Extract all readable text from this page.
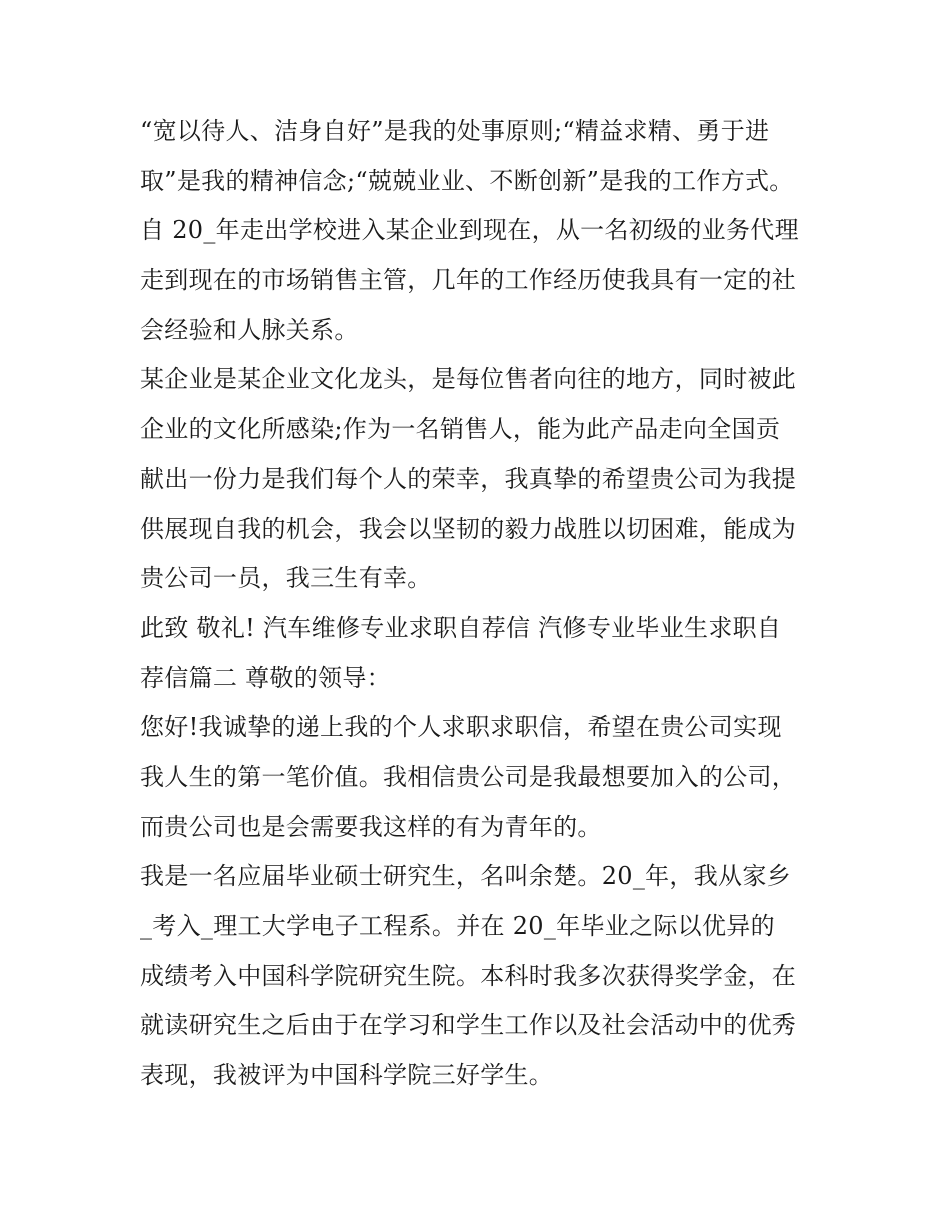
“宽以待人、洁身自好”是我的处事原则;“精益求精、勇于进
取”是我的精神信念;“兢兢业业、不断创新”是我的工作方式。
自 20_年走出学校进入某企业到现在，从一名初级的业务代理
走到现在的市场销售主管，几年的工作经历使我具有一定的社
会经验和人脉关系。
某企业是某企业文化龙头，是每位售者向往的地方，同时被此
企业的文化所感染;作为一名销售人，能为此产品走向全国贡
献出一份力是我们每个人的荣幸，我真挚的希望贵公司为我提
供展现自我的机会，我会以坚韧的毅力战胜以切困难，能成为
贵公司一员，我三生有幸。
此致 敬礼! 汽车维修专业求职自荐信 汽修专业毕业生求职自
荐信篇二 尊敬的领导：
您好!我诚挚的递上我的个人求职求职信，希望在贵公司实现
我人生的第一笔价值。我相信贵公司是我最想要加入的公司，
而贵公司也是会需要我这样的有为青年的。
我是一名应届毕业硕士研究生，名叫余楚。20_年，我从家乡
_考入_理工大学电子工程系。并在 20_年毕业之际以优异的
成绩考入中国科学院研究生院。本科时我多次获得奖学金，在
就读研究生之后由于在学习和学生工作以及社会活动中的优秀
表现，我被评为中国科学院三好学生。
